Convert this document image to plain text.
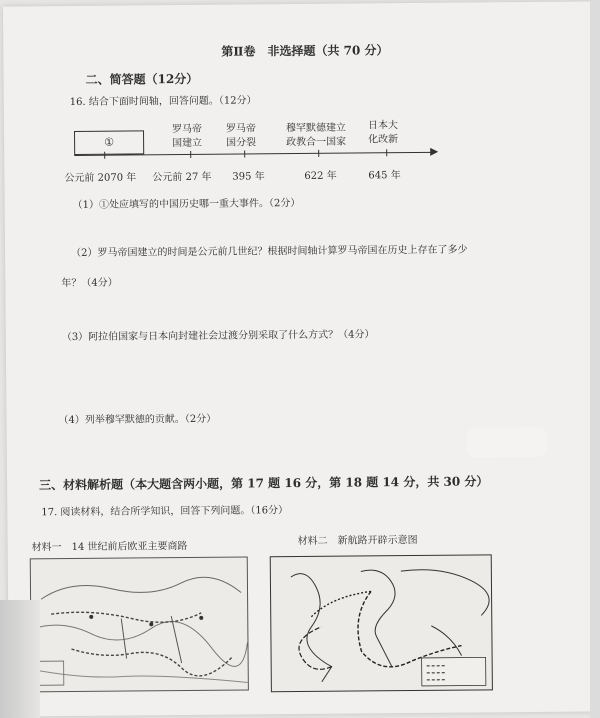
第Ⅱ卷　非选择题（共 70 分）
二、简答题（12分）
16. 结合下面时间轴，回答问题。（12分）
①
罗马帝
国建立
罗马帝
国分裂
穆罕默德建立
政教合一国家
日本大
化改新
公元前 2070 年 公元前 27 年 395 年	622 年	645 年
（1）①处应填写的中国历史哪一重大事件。（2分）
（2）罗马帝国建立的时间是公元前几世纪？根据时间轴计算罗马帝国在历史上存在了多少
年？（4分）
（3）阿拉伯国家与日本向封建社会过渡分别采取了什么方式？（4分）
（4）列举穆罕默德的贡献。（2分）
三、材料解析题（本大题含两小题，第 17 题 16 分，第 18 题 14 分，共 30 分）
17. 阅读材料，结合所学知识，回答下列问题。（16分）
材料一　14 世纪前后欧亚主要商路	材料二　新航路开辟示意图
